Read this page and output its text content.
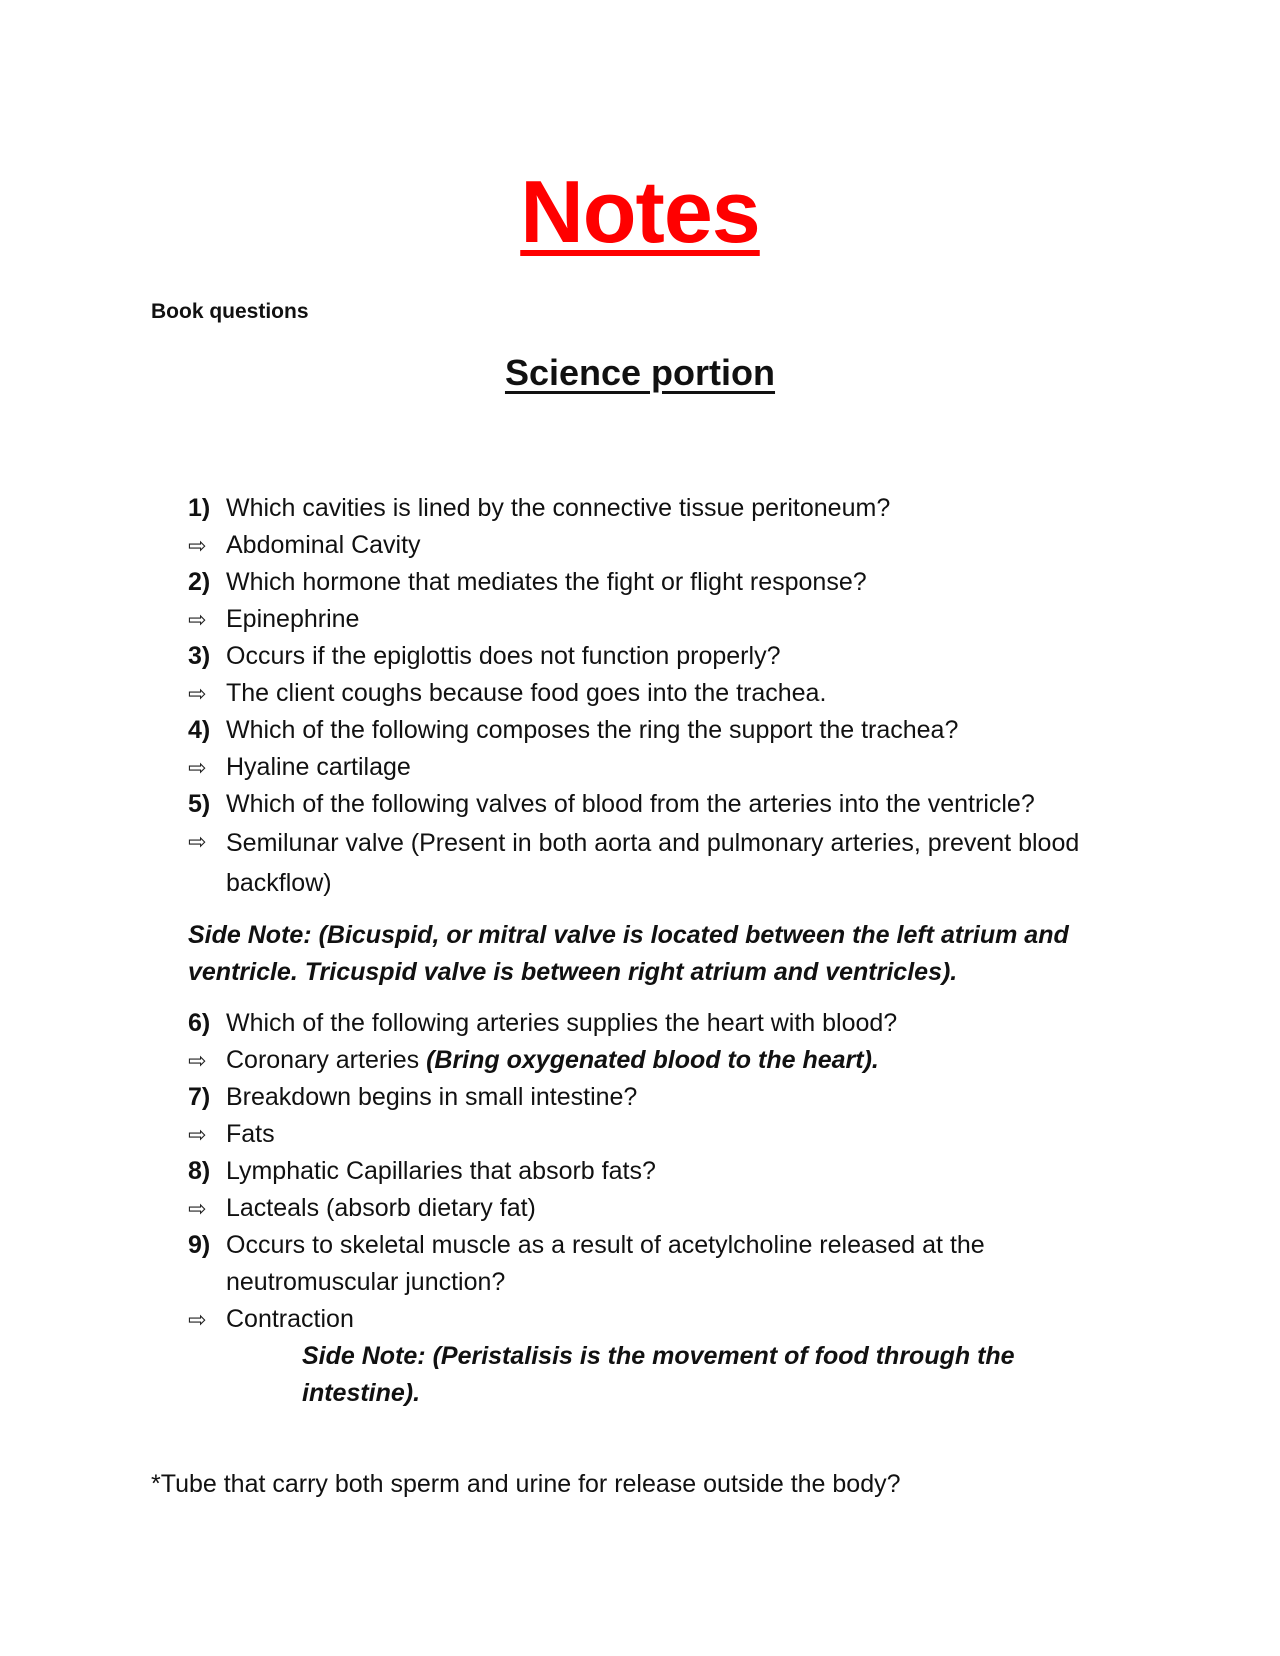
Notes
Book questions
Science portion
1) Which cavities is lined by the connective tissue peritoneum?
⇨ Abdominal Cavity
2) Which hormone that mediates the fight or flight response?
⇨ Epinephrine
3) Occurs if the epiglottis does not function properly?
⇨ The client coughs because food goes into the trachea.
4) Which of the following composes the ring the support the trachea?
⇨ Hyaline cartilage
5) Which of the following valves of blood from the arteries into the ventricle?
⇨ Semilunar valve (Present in both aorta and pulmonary arteries, prevent blood backflow)
Side Note: (Bicuspid, or mitral valve is located between the left atrium and ventricle. Tricuspid valve is between right atrium and ventricles).
6) Which of the following arteries supplies the heart with blood?
⇨ Coronary arteries (Bring oxygenated blood to the heart).
7) Breakdown begins in small intestine?
⇨ Fats
8) Lymphatic Capillaries that absorb fats?
⇨ Lacteals (absorb dietary fat)
9) Occurs to skeletal muscle as a result of acetylcholine released at the neutromuscular junction?
⇨ Contraction
Side Note: (Peristalisis is the movement of food through the intestine).
*Tube that carry both sperm and urine for release outside the body?
